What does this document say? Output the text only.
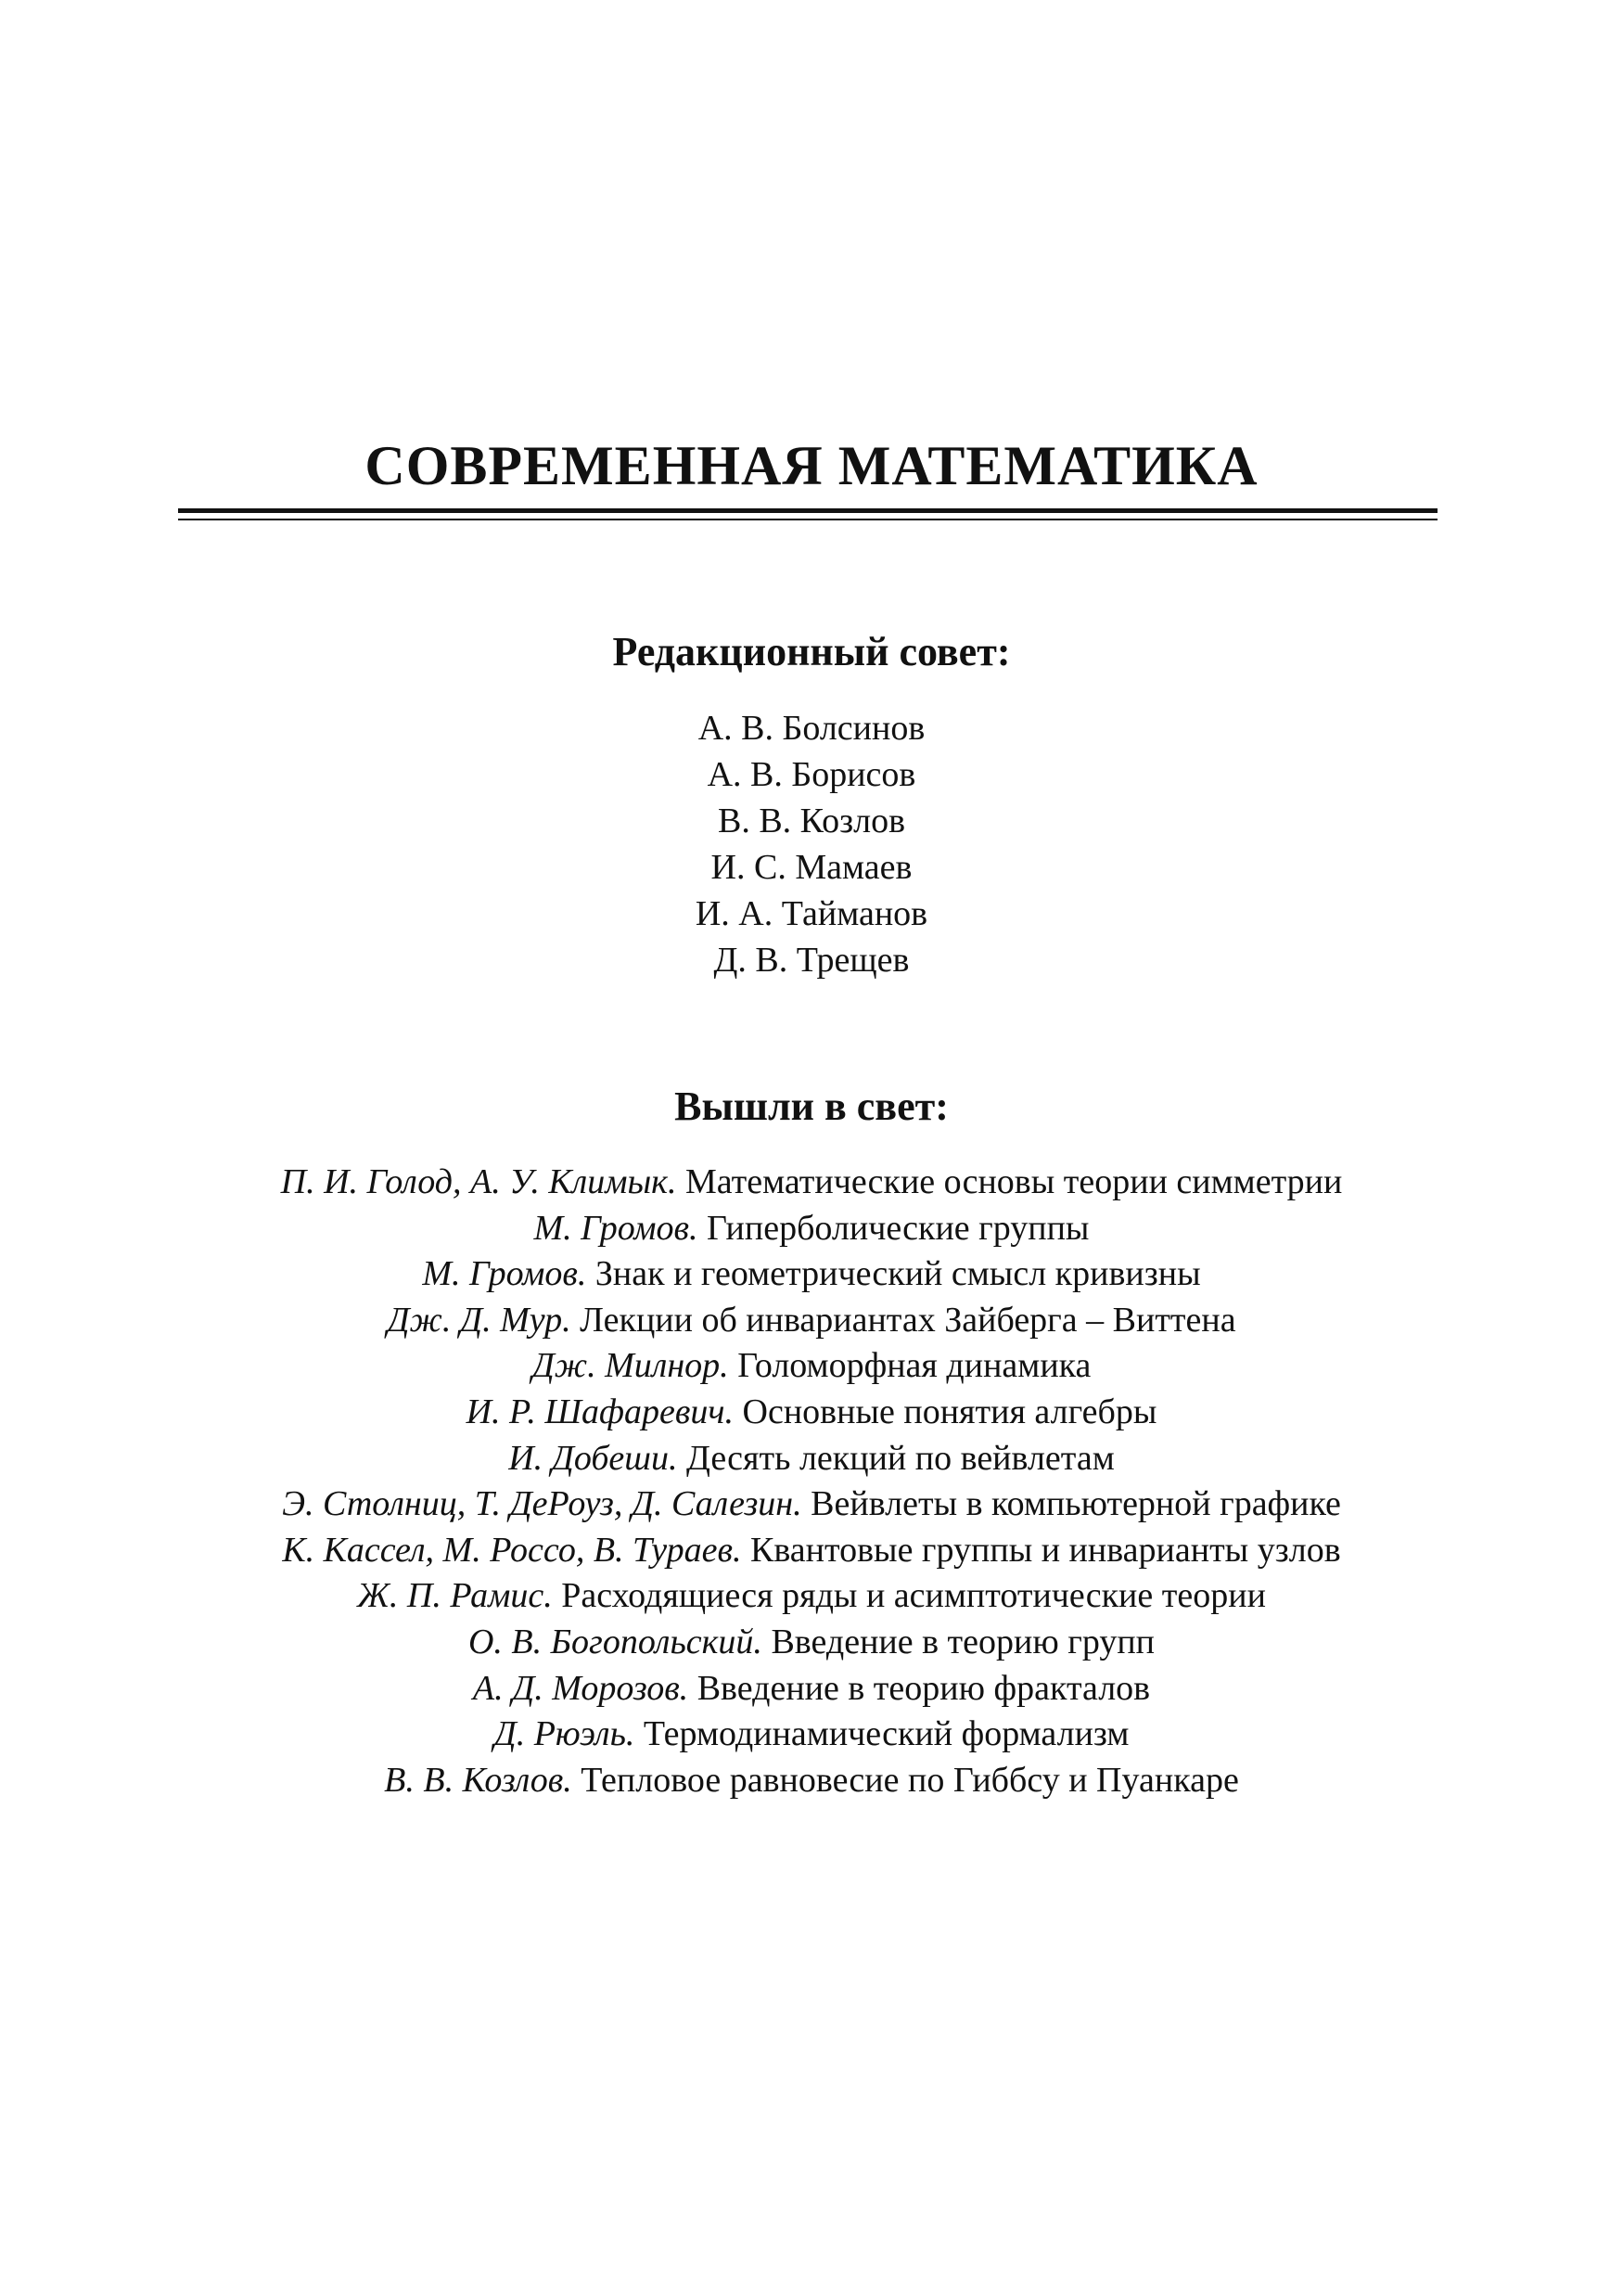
СОВРЕМЕННАЯ МАТЕМАТИКА
Редакционный совет:
А. В. Болсинов
А. В. Борисов
В. В. Козлов
И. С. Мамаев
И. А. Тайманов
Д. В. Трещев
Вышли в свет:
П. И. Голод, А. У. Климык. Математические основы теории симметрии
М. Громов. Гиперболические группы
М. Громов. Знак и геометрический смысл кривизны
Дж. Д. Мур. Лекции об инвариантах Зайберга – Виттена
Дж. Милнор. Голоморфная динамика
И. Р. Шафаревич. Основные понятия алгебры
И. Добеши. Десять лекций по вейвлетам
Э. Столниц, Т. ДеРоуз, Д. Салезин. Вейвлеты в компьютерной графике
К. Кассел, М. Россо, В. Тураев. Квантовые группы и инварианты узлов
Ж. П. Рамис. Расходящиеся ряды и асимптотические теории
О. В. Богопольский. Введение в теорию групп
А. Д. Морозов. Введение в теорию фракталов
Д. Рюэль. Термодинамический формализм
В. В. Козлов. Тепловое равновесие по Гиббсу и Пуанкаре
